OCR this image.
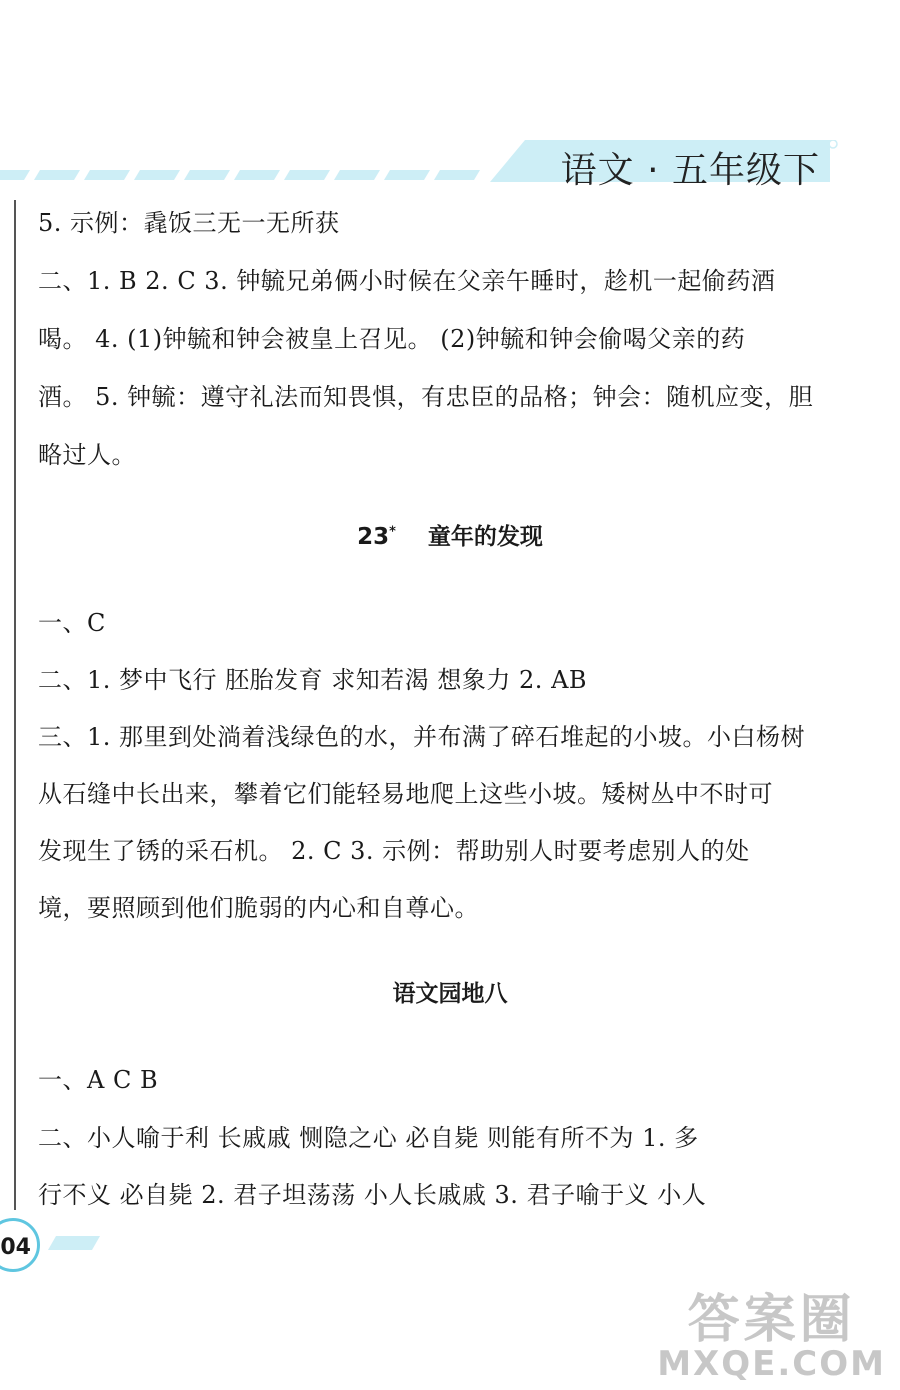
语文 · 五年级下
5. 示例：毳饭三无一无所获
二、1. B 2. C 3. 钟毓兄弟俩小时候在父亲午睡时，趁机一起偷药酒
喝。 4. (1)钟毓和钟会被皇上召见。 (2)钟毓和钟会偷喝父亲的药
酒。 5. 钟毓：遵守礼法而知畏惧，有忠臣的品格；钟会：随机应变，胆
略过人。
23* 童年的发现
一、C
二、1. 梦中飞行 胚胎发育 求知若渴 想象力 2. AB
三、1. 那里到处淌着浅绿色的水，并布满了碎石堆起的小坡。小白杨树
从石缝中长出来，攀着它们能轻易地爬上这些小坡。矮树丛中不时可
发现生了锈的采石机。 2. C 3. 示例：帮助别人时要考虑别人的处
境，要照顾到他们脆弱的内心和自尊心。
语文园地八
一、A C B
二、小人喻于利 长戚戚 恻隐之心 必自毙 则能有所不为 1. 多
行不义 必自毙 2. 君子坦荡荡 小人长戚戚 3. 君子喻于义 小人
04
答案圈
MXQE.COM
